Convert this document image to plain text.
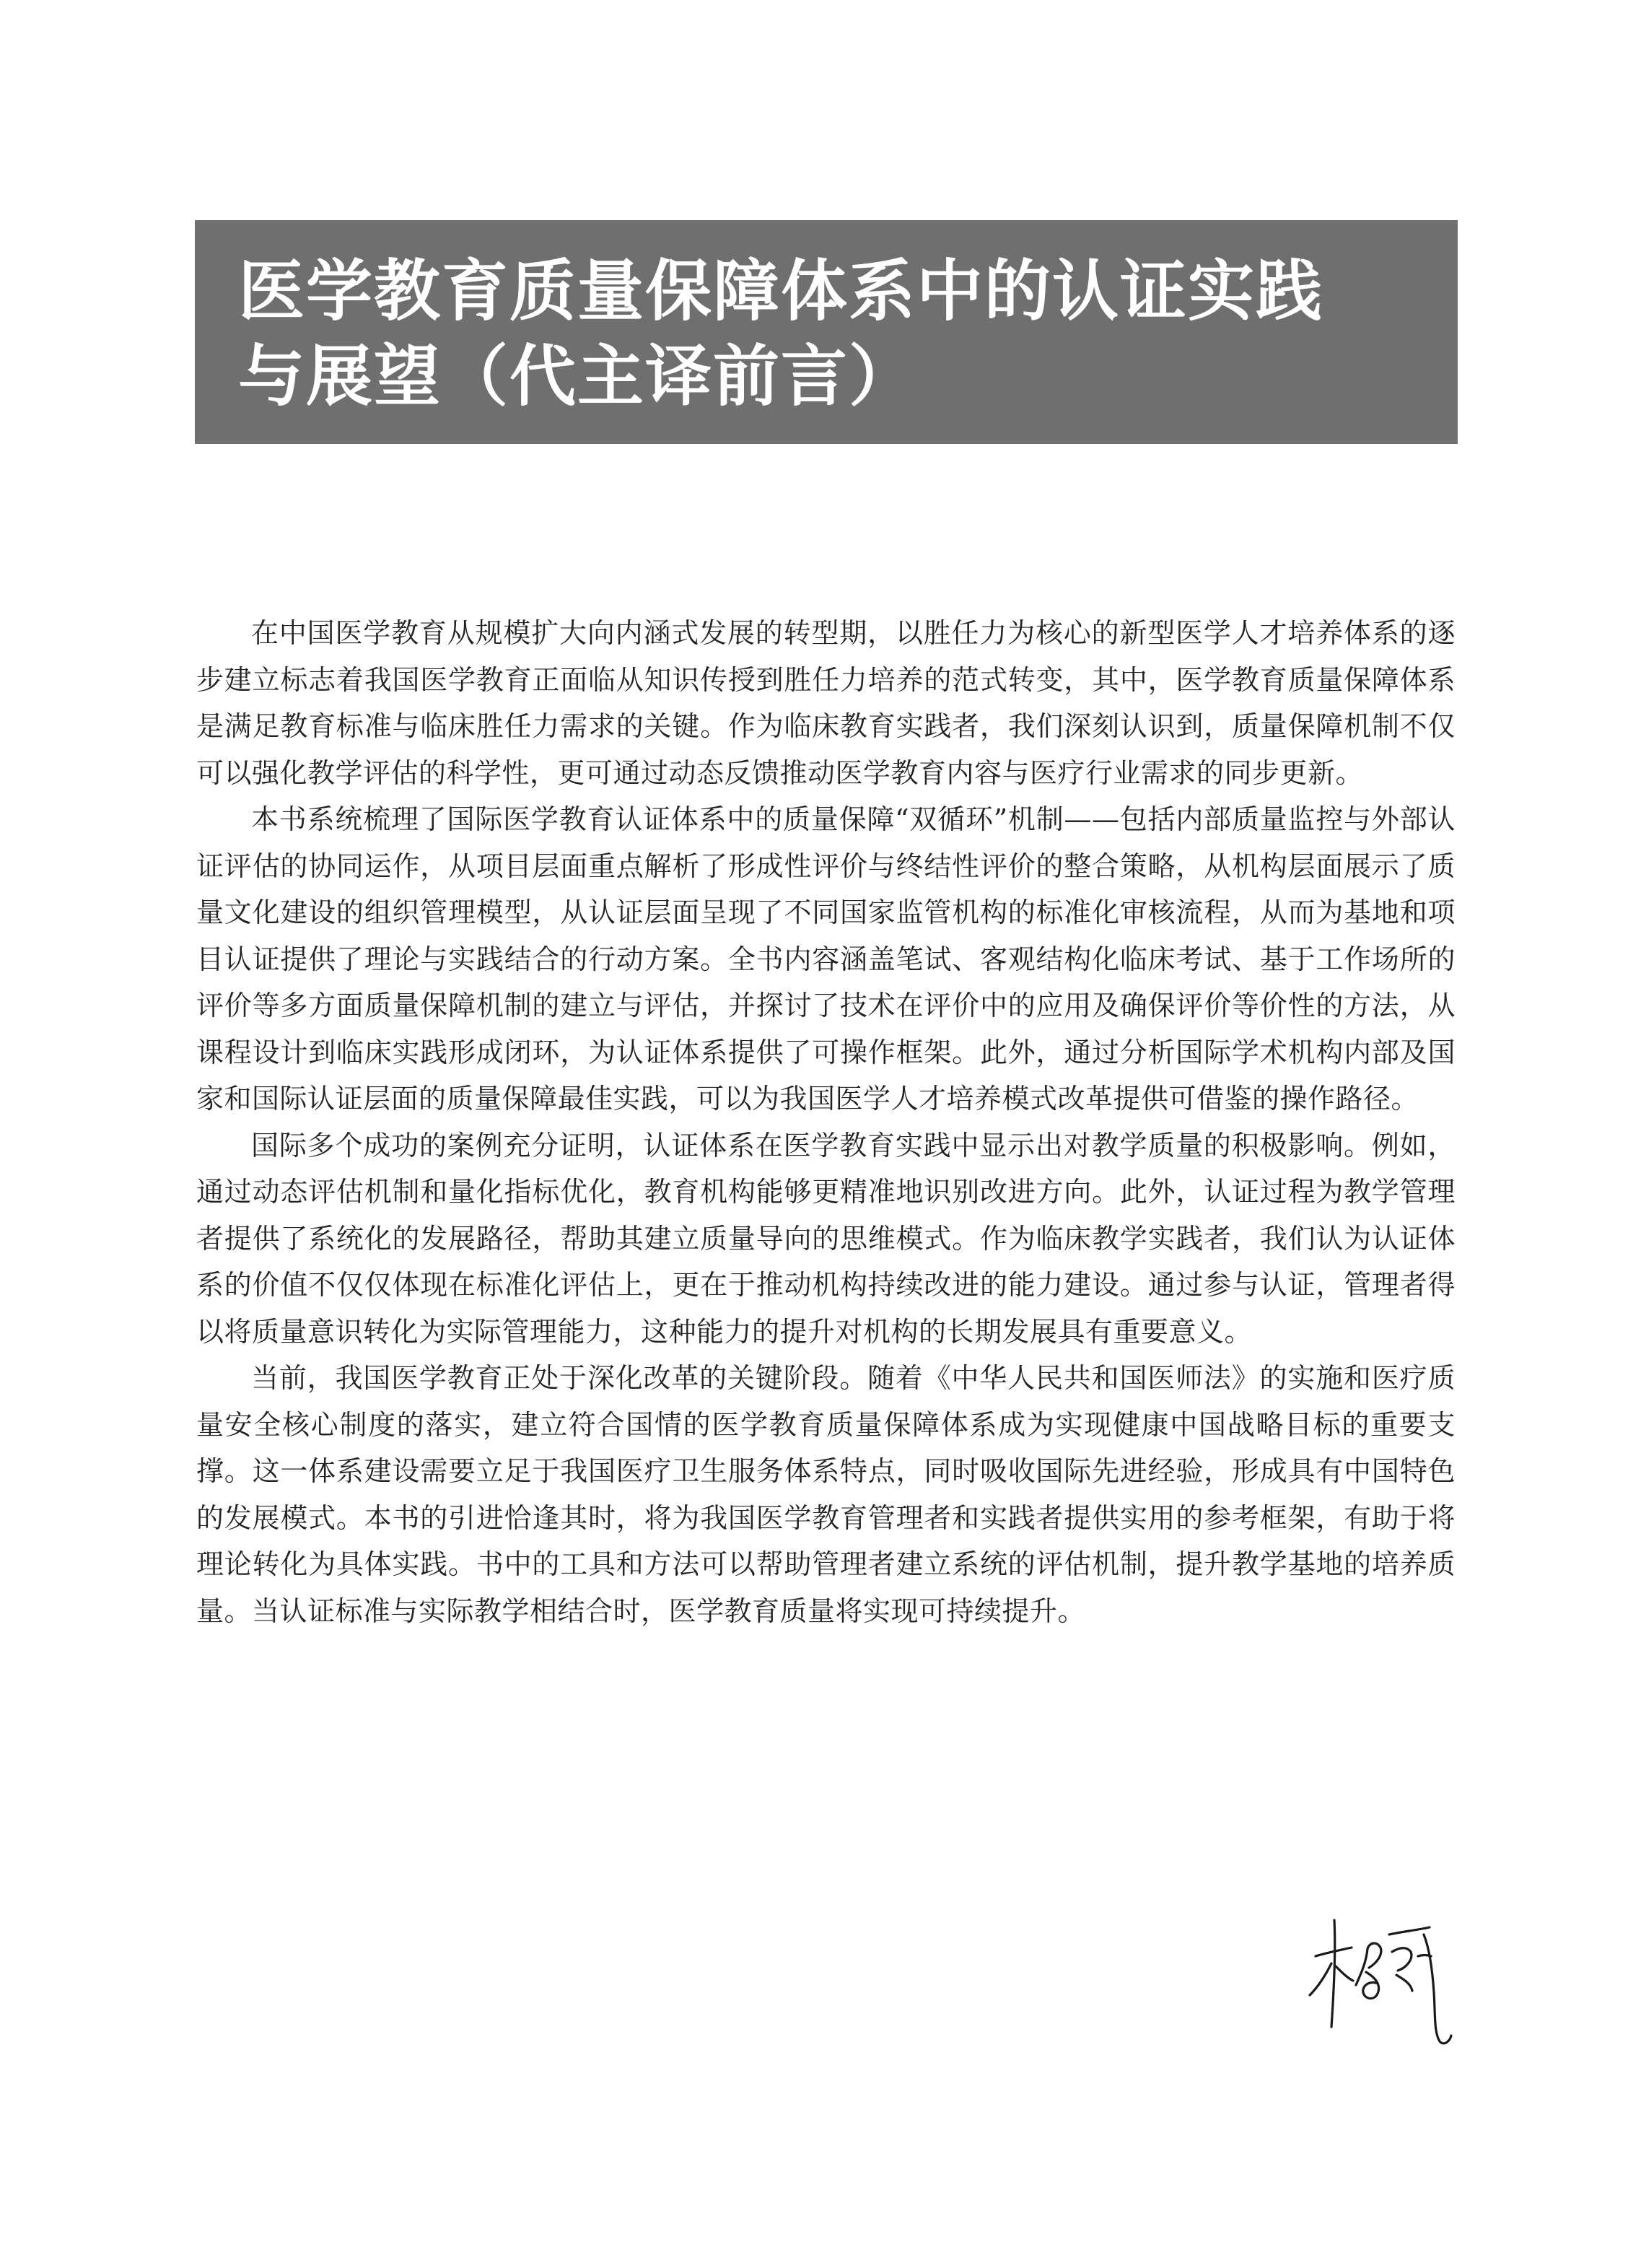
医学教育质量保障体系中的认证实践
与展望（代主译前言）

在中国医学教育从规模扩大向内涵式发展的转型期，以胜任力为核心的新型医学人才培养体系的逐步建立标志着我国医学教育正面临从知识传授到胜任力培养的范式转变，其中，医学教育质量保障体系是满足教育标准与临床胜任力需求的关键。作为临床教育实践者，我们深刻认识到，质量保障机制不仅可以强化教学评估的科学性，更可通过动态反馈推动医学教育内容与医疗行业需求的同步更新。

本书系统梳理了国际医学教育认证体系中的质量保障“双循环”机制——包括内部质量监控与外部认证评估的协同运作，从项目层面重点解析了形成性评价与终结性评价的整合策略，从机构层面展示了质量文化建设的组织管理模型，从认证层面呈现了不同国家监管机构的标准化审核流程，从而为基地和项目认证提供了理论与实践结合的行动方案。全书内容涵盖笔试、客观结构化临床考试、基于工作场所的评价等多方面质量保障机制的建立与评估，并探讨了技术在评价中的应用及确保评价等价性的方法，从课程设计到临床实践形成闭环，为认证体系提供了可操作框架。此外，通过分析国际学术机构内部及国家和国际认证层面的质量保障最佳实践，可以为我国医学人才培养模式改革提供可借鉴的操作路径。

国际多个成功的案例充分证明，认证体系在医学教育实践中显示出对教学质量的积极影响。例如，通过动态评估机制和量化指标优化，教育机构能够更精准地识别改进方向。此外，认证过程为教学管理者提供了系统化的发展路径，帮助其建立质量导向的思维模式。作为临床教学实践者，我们认为认证体系的价值不仅仅体现在标准化评估上，更在于推动机构持续改进的能力建设。通过参与认证，管理者得以将质量意识转化为实际管理能力，这种能力的提升对机构的长期发展具有重要意义。

当前，我国医学教育正处于深化改革的关键阶段。随着《中华人民共和国医师法》的实施和医疗质量安全核心制度的落实，建立符合国情的医学教育质量保障体系成为实现健康中国战略目标的重要支撑。这一体系建设需要立足于我国医疗卫生服务体系特点，同时吸收国际先进经验，形成具有中国特色的发展模式。本书的引进恰逢其时，将为我国医学教育管理者和实践者提供实用的参考框架，有助于将理论转化为具体实践。书中的工具和方法可以帮助管理者建立系统的评估机制，提升教学基地的培养质量。当认证标准与实际教学相结合时，医学教育质量将实现可持续提升。
